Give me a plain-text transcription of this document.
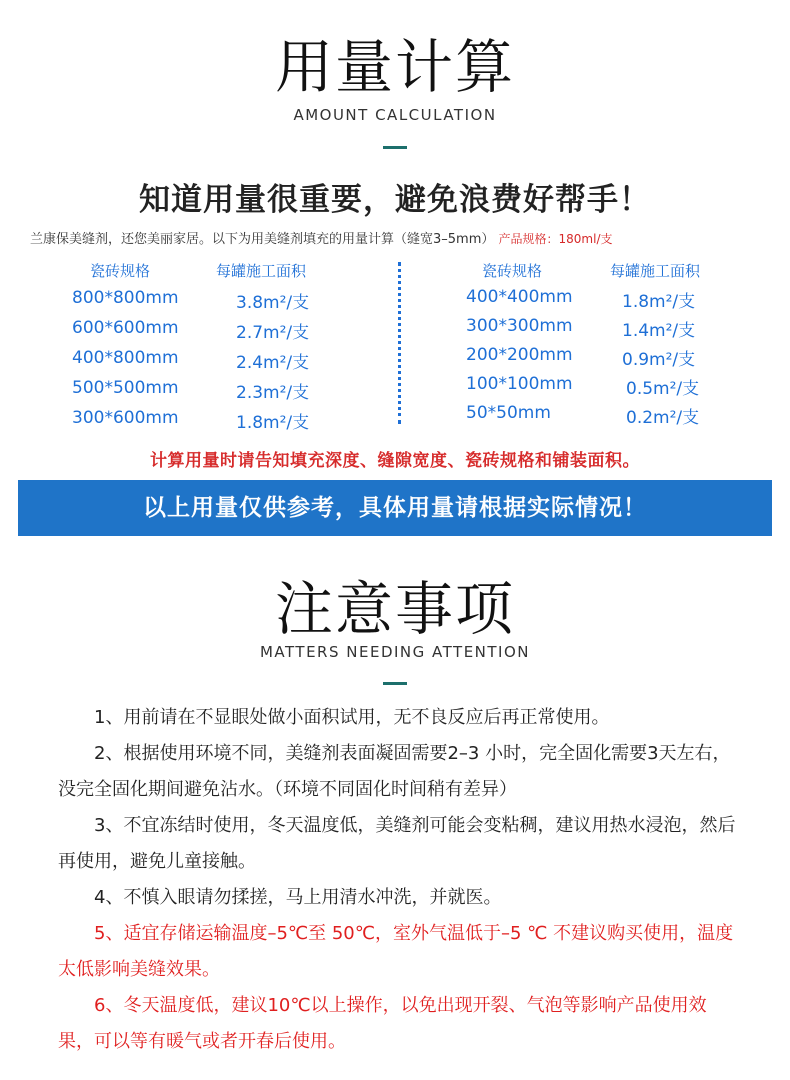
用量计算
AMOUNT CALCULATION
知道用量很重要，避免浪费好帮手！
兰康保美缝剂，还您美丽家居。以下为用美缝剂填充的用量计算（缝宽3–5mm） 产品规格：180ml/支
瓷砖规格	每罐施工面积
800*800mm	3.8m²/支
600*600mm	2.7m²/支
400*800mm	2.4m²/支
500*500mm	2.3m²/支
300*600mm	1.8m²/支
瓷砖规格	每罐施工面积
400*400mm	1.8m²/支
300*300mm	1.4m²/支
200*200mm	0.9m²/支
100*100mm	0.5m²/支
50*50mm	0.2m²/支
计算用量时请告知填充深度、缝隙宽度、瓷砖规格和铺装面积。
以上用量仅供参考，具体用量请根据实际情况！
注意事项
MATTERS NEEDING ATTENTION

1、用前请在不显眼处做小面积试用，无不良反应后再正常使用。

2、根据使用环境不同，美缝剂表面凝固需要2–3 小时，完全固化需要3天左右，没完全固化期间避免沾水。（环境不同固化时间稍有差异）

3、不宜冻结时使用，冬天温度低，美缝剂可能会变粘稠，建议用热水浸泡，然后再使用，避免儿童接触。

4、不慎入眼请勿揉搓，马上用清水冲洗，并就医。

5、适宜存储运输温度–5℃至 50℃，室外气温低于–5 ℃ 不建议购买使用，温度太低影响美缝效果。

6、冬天温度低，建议10℃以上操作，以免出现开裂、气泡等影响产品使用效果，可以等有暖气或者开春后使用。
